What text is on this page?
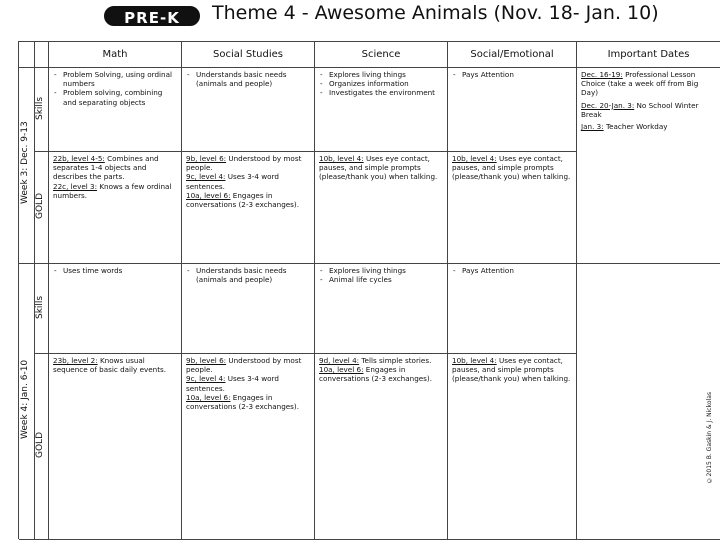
PRE-K	Theme 4 - Awesome Animals (Nov. 18- Jan. 10)
Math	Social Studies	Science	Social/Emotional	Important Dates
Week 3: Dec. 9-13
Skills
GOLD
- Problem Solving, using ordinal numbers
- Problem solving, combining and separating objects
- Understands basic needs (animals and people)
- Explores living things
- Organizes information
- Investigates the environment
- Pays Attention	Dec. 16-19: Professional Lesson Choice (take a week off from Big Day)

Dec. 20-Jan. 3: No School Winter Break

Jan. 3: Teacher Workday

22b, level 4-5: Combines and separates 1-4 objects and describes the parts.
22c, level 3: Knows a few ordinal numbers.
9b, level 6: Understood by most people.
9c, level 4: Uses 3-4 word sentences.
10a, level 6: Engages in conversations (2-3 exchanges).
10b, level 4: Uses eye contact, pauses, and simple prompts (please/thank you) when talking.
10b, level 4: Uses eye contact, pauses, and simple prompts (please/thank you) when talking.
Week 4: Jan. 6-10
Skills
GOLD
- Uses time words
-	Understands basic needs (animals and people)
- Explores living things
- Animal life cycles
- Pays Attention
23b, level 2: Knows usual sequence of basic daily events.
9b, level 6: Understood by most people.
9c, level 4: Uses 3-4 word sentences.
10a, level 6: Engages in conversations (2-3 exchanges).
9d, level 4: Tells simple stories.
10a, level 6: Engages in conversations (2-3 exchanges).
10b, level 4: Uses eye contact, pauses, and simple prompts (please/thank you) when talking.
©2015 B. Gaskin & J. Nickolas
